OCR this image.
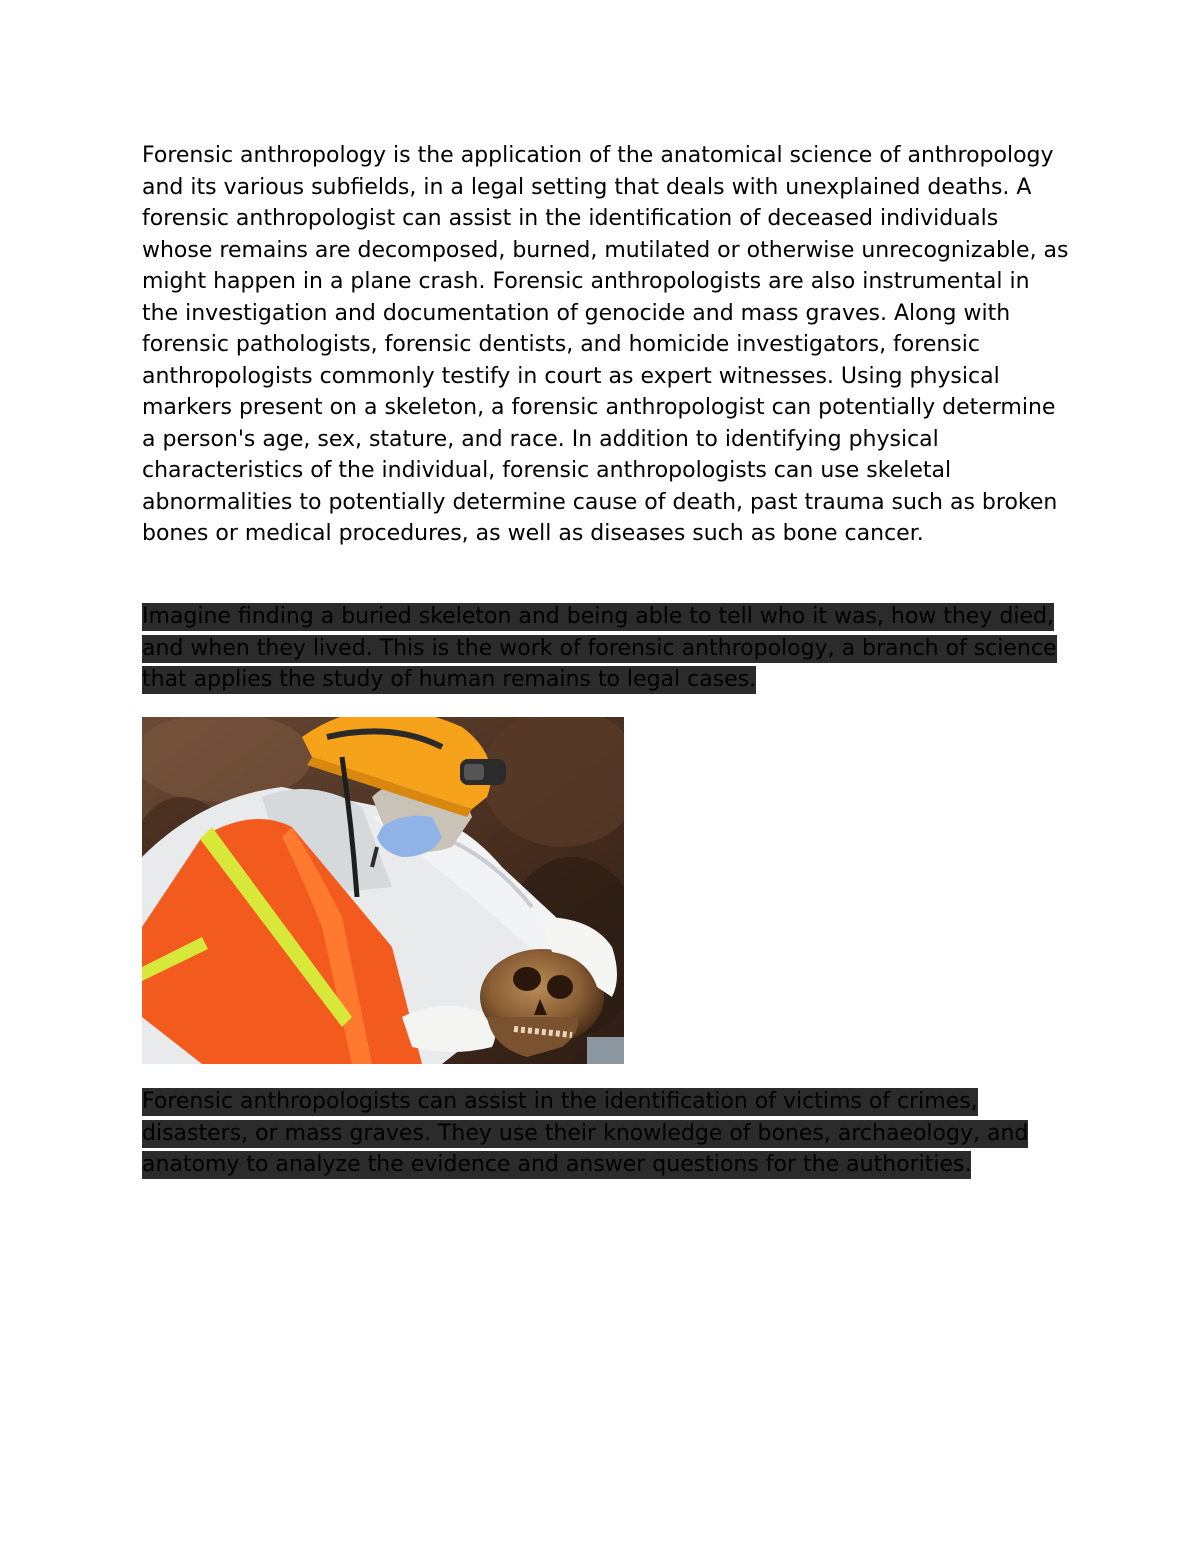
Forensic anthropology is the application of the anatomical science of anthropology and its various subfields, in a legal setting that deals with unexplained deaths. A forensic anthropologist can assist in the identification of deceased individuals whose remains are decomposed, burned, mutilated or otherwise unrecognizable, as might happen in a plane crash. Forensic anthropologists are also instrumental in the investigation and documentation of genocide and mass graves. Along with forensic pathologists, forensic dentists, and homicide investigators, forensic anthropologists commonly testify in court as expert witnesses. Using physical markers present on a skeleton, a forensic anthropologist can potentially determine a person's age, sex, stature, and race. In addition to identifying physical characteristics of the individual, forensic anthropologists can use skeletal abnormalities to potentially determine cause of death, past trauma such as broken bones or medical procedures, as well as diseases such as bone cancer.

Imagine finding a buried skeleton and being able to tell who it was, how they died, and when they lived. This is the work of forensic anthropology, a branch of science that applies the study of human remains to legal cases.

Forensic anthropologists can assist in the identification of victims of crimes, disasters, or mass graves. They use their knowledge of bones, archaeology, and anatomy to analyze the evidence and answer questions for the authorities.
